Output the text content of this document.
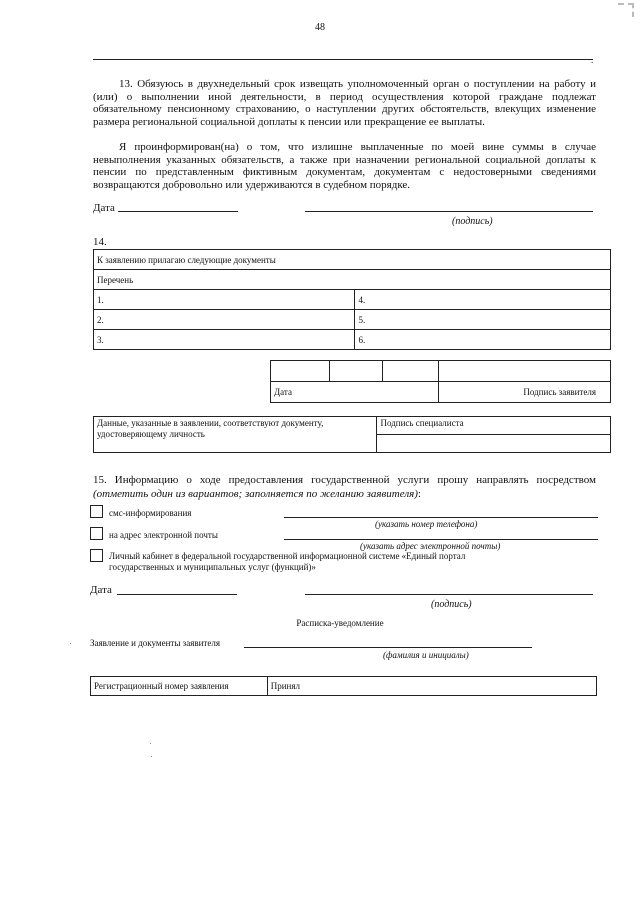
48
.
13. Обязуюсь в двухнедельный срок извещать уполномоченный орган о поступлении на работу и (или) о выполнении иной деятельности, в период осуществления которой граждане подлежат обязательному пенсионному страхованию, о наступлении других обстоятельств, влекущих изменение размера региональной социальной доплаты к пенсии или прекращение ее выплаты.
Я проинформирован(на) о том, что излишне выплаченные по моей вине суммы в случае невыполнения указанных обязательств, а также при назначении региональной социальной доплаты к пенсии по представленным фиктивным документам, документам с недостоверными сведениями возвращаются добровольно или удерживаются в судебном порядке.
Дата
(подпись)
14.
К заявлению прилагаю следующие документы	
Перечень	
1.	4.
2.	5.
3.	6.

Дата			Подпись заявителя
Данные, указанные в заявлении, соответствуют документу, удостоверяющему личность	Подпись специалиста

15. Информацию о ходе предоставления государственной услуги прошу направлять посредством (отметить один из вариантов; заполняется по желанию заявителя):
смс-информирования
(указать номер телефона)
на адрес электронной почты
(указать адрес электронной почты)
Личный кабинет в федеральной государственной информационной системе «Единый портал государственных и муниципальных услуг (функций)»
Дата
(подпись)
Расписка-уведомление
Заявление и документы заявителя
(фамилия и инициалы)
Регистрационный номер заявления	Принял
